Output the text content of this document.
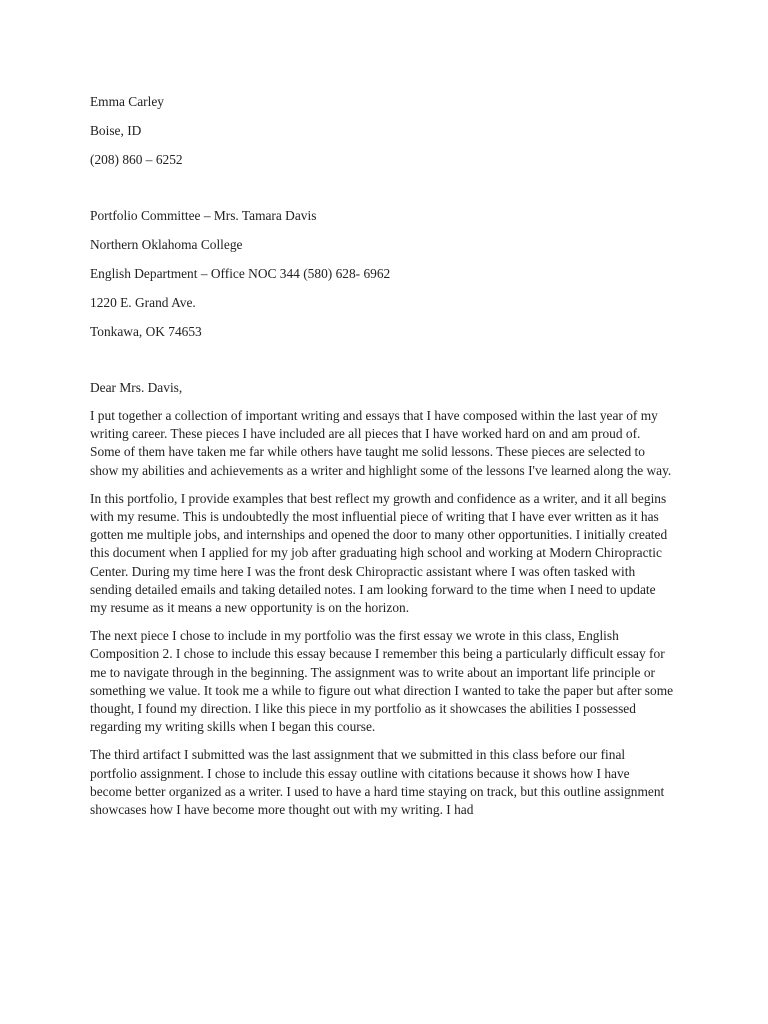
Emma Carley

Boise, ID

(208) 860 – 6252

Portfolio Committee – Mrs. Tamara Davis

Northern Oklahoma College

English Department – Office NOC 344 (580) 628- 6962

1220 E. Grand Ave.

Tonkawa, OK 74653

Dear Mrs. Davis,

I put together a collection of important writing and essays that I have composed within the last year of my writing career. These pieces I have included are all pieces that I have worked hard on and am proud of. Some of them have taken me far while others have taught me solid lessons. These pieces are selected to show my abilities and achievements as a writer and highlight some of the lessons I've learned along the way.

In this portfolio, I provide examples that best reflect my growth and confidence as a writer, and it all begins with my resume. This is undoubtedly the most influential piece of writing that I have ever written as it has gotten me multiple jobs, and internships and opened the door to many other opportunities. I initially created this document when I applied for my job after graduating high school and working at Modern Chiropractic Center. During my time here I was the front desk Chiropractic assistant where I was often tasked with sending detailed emails and taking detailed notes. I am looking forward to the time when I need to update my resume as it means a new opportunity is on the horizon.

The next piece I chose to include in my portfolio was the first essay we wrote in this class, English Composition 2. I chose to include this essay because I remember this being a particularly difficult essay for me to navigate through in the beginning. The assignment was to write about an important life principle or something we value. It took me a while to figure out what direction I wanted to take the paper but after some thought, I found my direction. I like this piece in my portfolio as it showcases the abilities I possessed regarding my writing skills when I began this course.

The third artifact I submitted was the last assignment that we submitted in this class before our final portfolio assignment. I chose to include this essay outline with citations because it shows how I have become better organized as a writer. I used to have a hard time staying on track, but this outline assignment showcases how I have become more thought out with my writing. I had
